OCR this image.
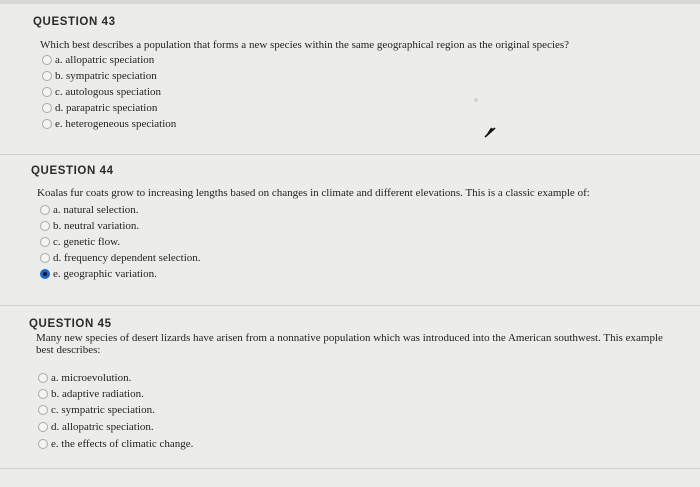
QUESTION 43
Which best describes a population that forms a new species within the same geographical region as the original species?
a. allopatric speciation
b. sympatric speciation
c. autologous speciation
d. parapatric speciation
e. heterogeneous speciation
QUESTION 44
Koalas fur coats grow to increasing lengths based on changes in climate and different elevations. This is a classic example of:
a. natural selection.
b. neutral variation.
c. genetic flow.
d. frequency dependent selection.
e. geographic variation.
QUESTION 45
Many new species of desert lizards have arisen from a nonnative population which was introduced into the American southwest. This example
best describes:
a. microevolution.
b. adaptive radiation.
c. sympatric speciation.
d. allopatric speciation.
e. the effects of climatic change.
